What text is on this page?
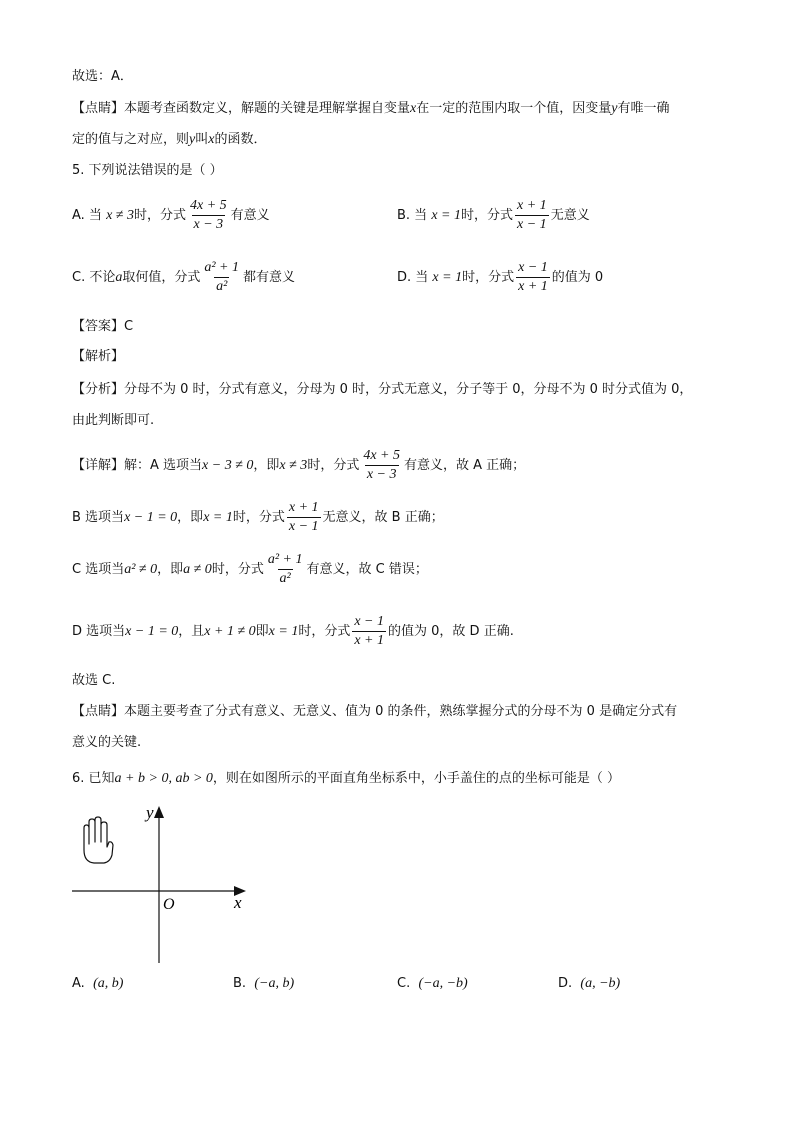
故选：A．
【点睛】本题考查函数定义，解题的关键是理解掌握自变量x在一定的范围内取一个值，因变量y有唯一确
定的值与之对应，则y叫x的函数．
5. 下列说法错误的是（ ）
A. 当 x ≠ 3时，分式 $\frac{4x + 5}{x - 3}$ 有意义	B. 当 x = 1时，分式 $\frac{x + 1}{x - 1}$ 无意义
C. 不论a取何值，分式 $\frac{\text{a² + 1}}{\text{a²}}$ 都有意义	D. 当 x = 1时，分式 $\frac{x - 1}{x + 1}$ 的值为 0
【答案】C
【解析】
【分析】分母不为 0 时，分式有意义，分母为 0 时，分式无意义，分子等于 0，分母不为 0 时分式值为 0，
由此判断即可.
【详解】解：A 选项当x − 3 ≠ 0，即x ≠ 3时，分式 $\frac{4x + 5}{x - 3}$ 有意义，故 A 正确；
B 选项当x − 1 = 0，即x = 1时，分式 $\frac{x + 1}{x - 1}$ 无意义，故 B 正确；
C 选项当a² ≠ 0，即a ≠ 0时，分式 $\frac{\text{a² + 1}}{\text{a²}}$ 有意义，故 C 错误；
D 选项当x − 1 = 0，且x + 1 ≠ 0即x = 1时，分式 $\frac{x - 1}{x + 1}$ 的值为 0，故 D 正确.
故选 C.
【点睛】本题主要考查了分式有意义、无意义、值为 0 的条件，熟练掌握分式的分母不为 0 是确定分式有
意义的关键.
6. 已知a + b > 0, ab > 0，则在如图所示的平面直角坐标系中，小手盖住的点的坐标可能是（ ）
x
y
O
A. (a, b)	B. (−a, b)	C. (−a, −b)	D. (a, −b)
